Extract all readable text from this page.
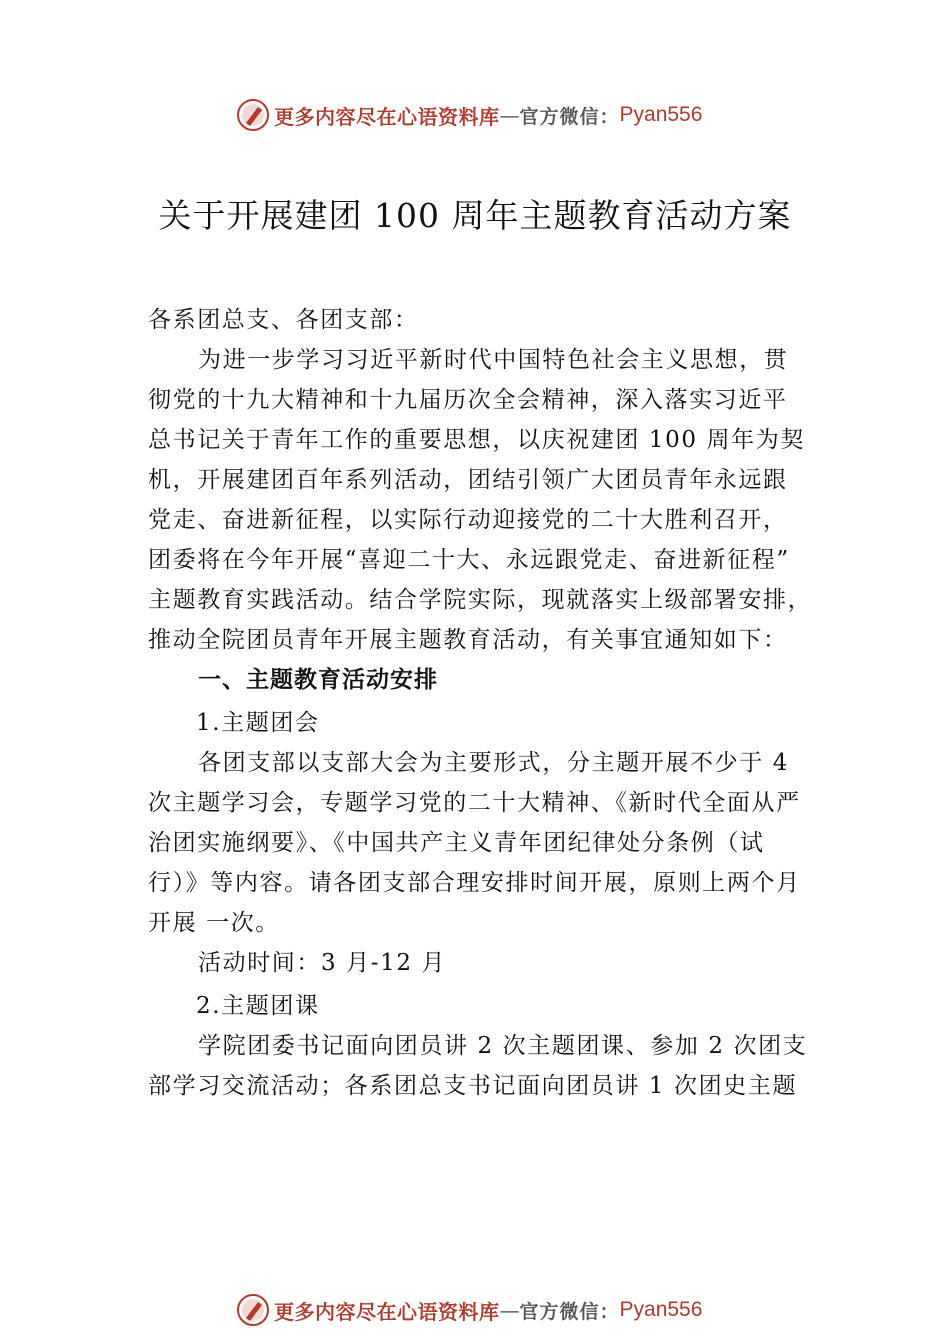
更多内容尽在心语资料库 — 官方微信： Pyan556
关于开展建团 100 周年主题教育活动方案

各系团总支、各团支部：

为进一步学习习近平新时代中国特色社会主义思想，贯

彻党的十九大精神和十九届历次全会精神，深入落实习近平

总书记关于青年工作的重要思想，以庆祝建团 100 周年为契

机，开展建团百年系列活动，团结引领广大团员青年永远跟

党走、奋进新征程，以实际行动迎接党的二十大胜利召开，

团委将在今年开展“喜迎二十大、永远跟党走、奋进新征程”

主题教育实践活动。结合学院实际，现就落实上级部署安排，

推动全院团员青年开展主题教育活动，有关事宜通知如下：

一、主题教育活动安排

1.主题团会

各团支部以支部大会为主要形式，分主题开展不少于 4

次主题学习会，专题学习党的二十大精神、《新时代全面从严

治团实施纲要》、《中国共产主义青年团纪律处分条例（试

行）》等内容。请各团支部合理安排时间开展，原则上两个月

开展 一次。

活动时间：3 月-12 月

2.主题团课

学院团委书记面向团员讲 2 次主题团课、参加 2 次团支

部学习交流活动；各系团总支书记面向团员讲 1 次团史主题

更多内容尽在心语资料库 — 官方微信： Pyan556
